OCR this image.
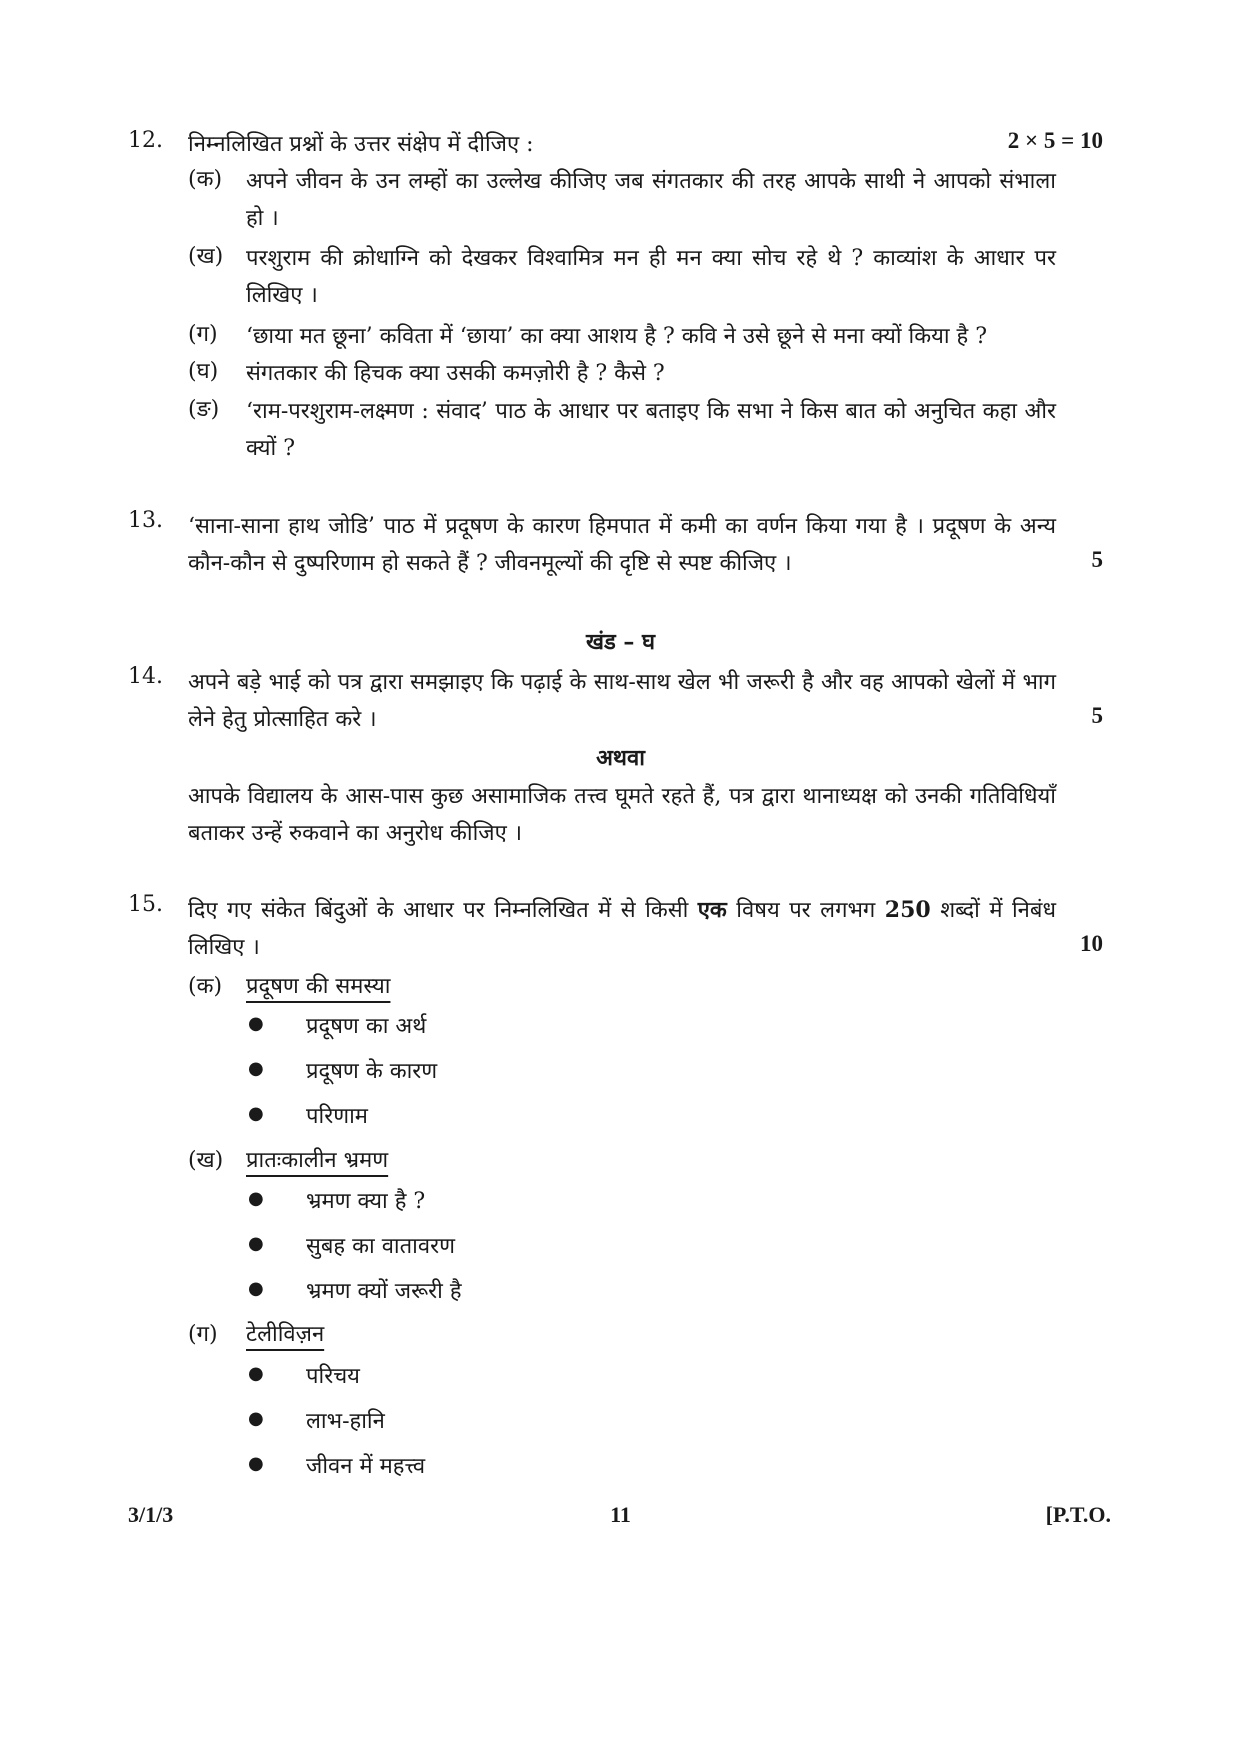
12. निम्नलिखित प्रश्नों के उत्तर संक्षेप में दीजिए :	2 × 5 = 10
(क) अपने जीवन के उन लम्हों का उल्लेख कीजिए जब संगतकार की तरह आपके साथी ने आपको संभाला हो ।
(ख) परशुराम की क्रोधाग्नि को देखकर विश्वामित्र मन ही मन क्या सोच रहे थे ? काव्यांश के आधार पर लिखिए ।
(ग) ‘छाया मत छूना’ कविता में ‘छाया’ का क्या आशय है ? कवि ने उसे छूने से मना क्यों किया है ?
(घ) संगतकार की हिचक क्या उसकी कमज़ोरी है ? कैसे ?
(ङ) ‘राम-परशुराम-लक्ष्मण : संवाद’ पाठ के आधार पर बताइए कि सभा ने किस बात को अनुचित कहा और क्यों ?
13. ‘साना-साना हाथ जोडि’ पाठ में प्रदूषण के कारण हिमपात में कमी का वर्णन किया गया है । प्रदूषण के अन्य कौन-कौन से दुष्परिणाम हो सकते हैं ? जीवनमूल्यों की दृष्टि से स्पष्ट कीजिए ।	5
खंड – घ
14. अपने बड़े भाई को पत्र द्वारा समझाइए कि पढ़ाई के साथ-साथ खेल भी जरूरी है और वह आपको खेलों में भाग लेने हेतु प्रोत्साहित करे ।	5
अथवा
आपके विद्यालय के आस-पास कुछ असामाजिक तत्त्व घूमते रहते हैं, पत्र द्वारा थानाध्यक्ष को उनकी गतिविधियाँ बताकर उन्हें रुकवाने का अनुरोध कीजिए ।
15. दिए गए संकेत बिंदुओं के आधार पर निम्नलिखित में से किसी एक विषय पर लगभग 250 शब्दों में निबंध लिखिए ।	10
(क) प्रदूषण की समस्या
● प्रदूषण का अर्थ
● प्रदूषण के कारण
● परिणाम
(ख) प्रातःकालीन भ्रमण
● भ्रमण क्या है ?
● सुबह का वातावरण
● भ्रमण क्यों जरूरी है
(ग) टेलीविज़न
● परिचय
● लाभ-हानि
● जीवन में महत्त्व
3/1/3	11	[P.T.O.
